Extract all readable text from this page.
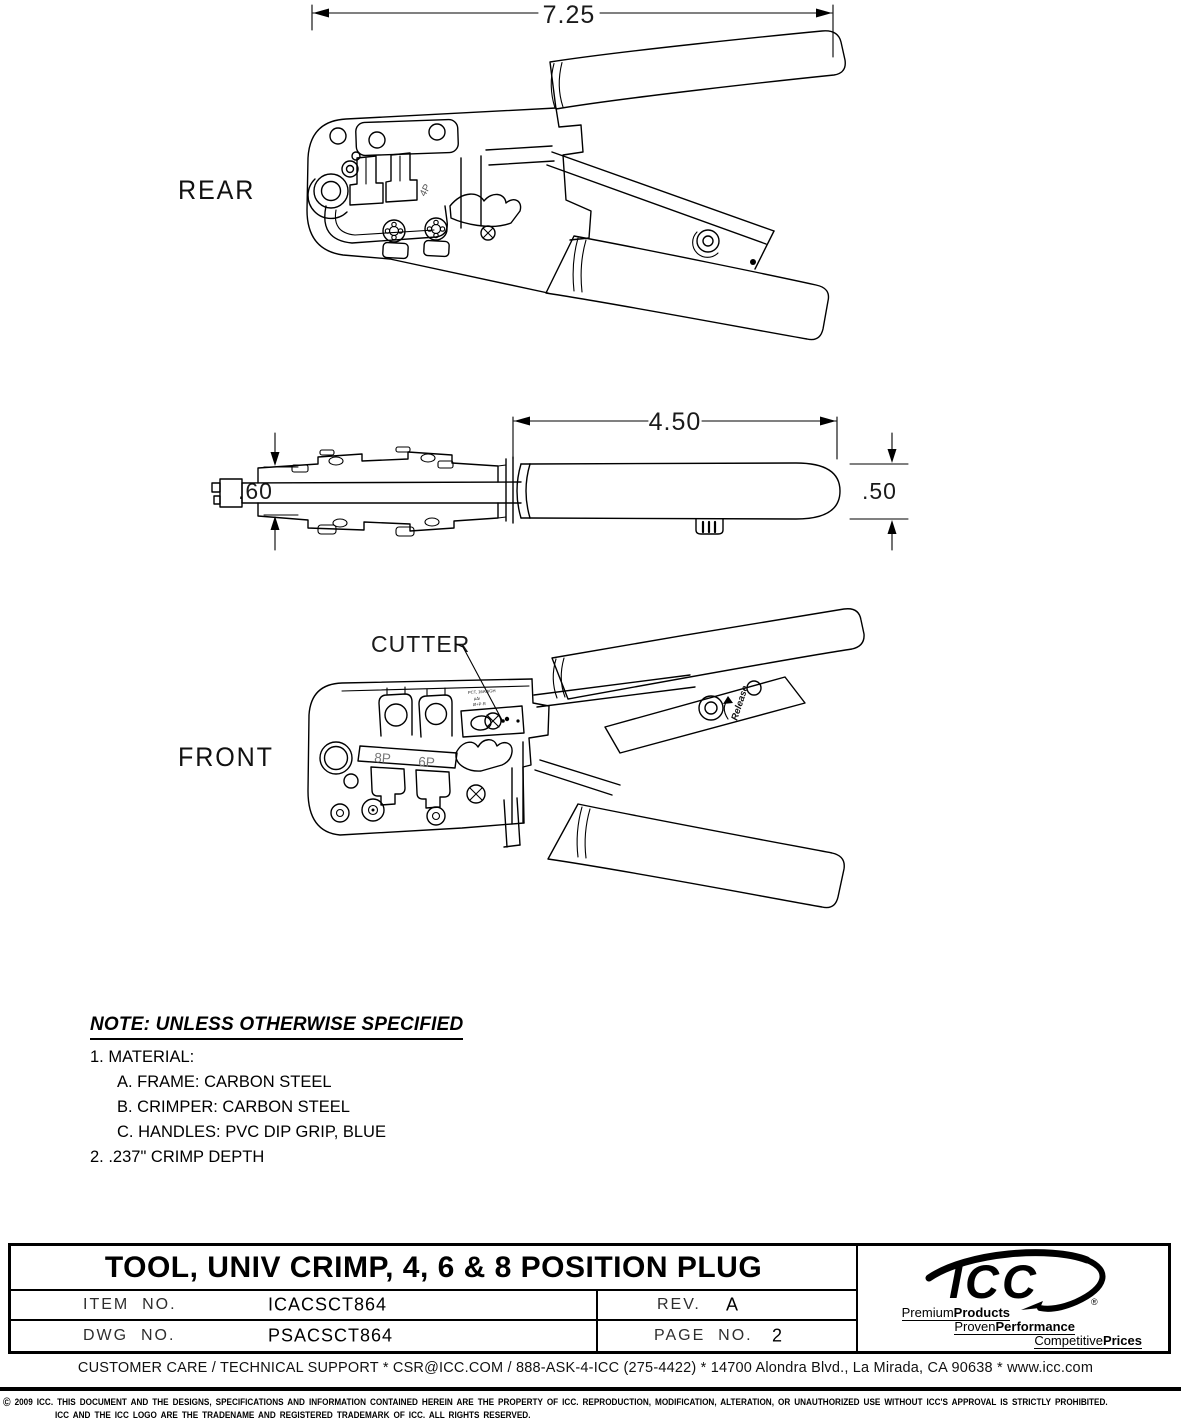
REAR
7.25
4P
4.50
.60	.50
FRONT
CUTTER
8P 6P
PCT, 16AWGH
μΔι
Ø+P·R	Release
NOTE: UNLESS OTHERWISE SPECIFIED
1. MATERIAL:
A. FRAME: CARBON STEEL
B. CRIMPER: CARBON STEEL
C. HANDLES: PVC DIP GRIP, BLUE
2. .237" CRIMP DEPTH
TOOL, UNIV CRIMP, 4, 6 & 8 POSITION PLUG
ITEM  NO.	ICACSCT864	REV. A
DWG  NO.	PSACSCT864	PAGE  NO. 2
ICC	®
PremiumProducts
ProvenPerformance
CompetitivePrices
CUSTOMER CARE / TECHNICAL SUPPORT * CSR@ICC.COM / 888-ASK-4-ICC (275-4422) * 14700 Alondra Blvd., La Mirada, CA 90638 * www.icc.com
© 2009 ICC. THIS DOCUMENT AND THE DESIGNS, SPECIFICATIONS AND INFORMATION CONTAINED HEREIN ARE THE PROPERTY OF ICC. REPRODUCTION, MODIFICATION, ALTERATION, OR UNAUTHORIZED USE WITHOUT ICC'S APPROVAL IS STRICTLY PROHIBITED.
ICC AND THE ICC LOGO ARE THE TRADENAME AND REGISTERED TRADEMARK OF ICC. ALL RIGHTS RESERVED.
